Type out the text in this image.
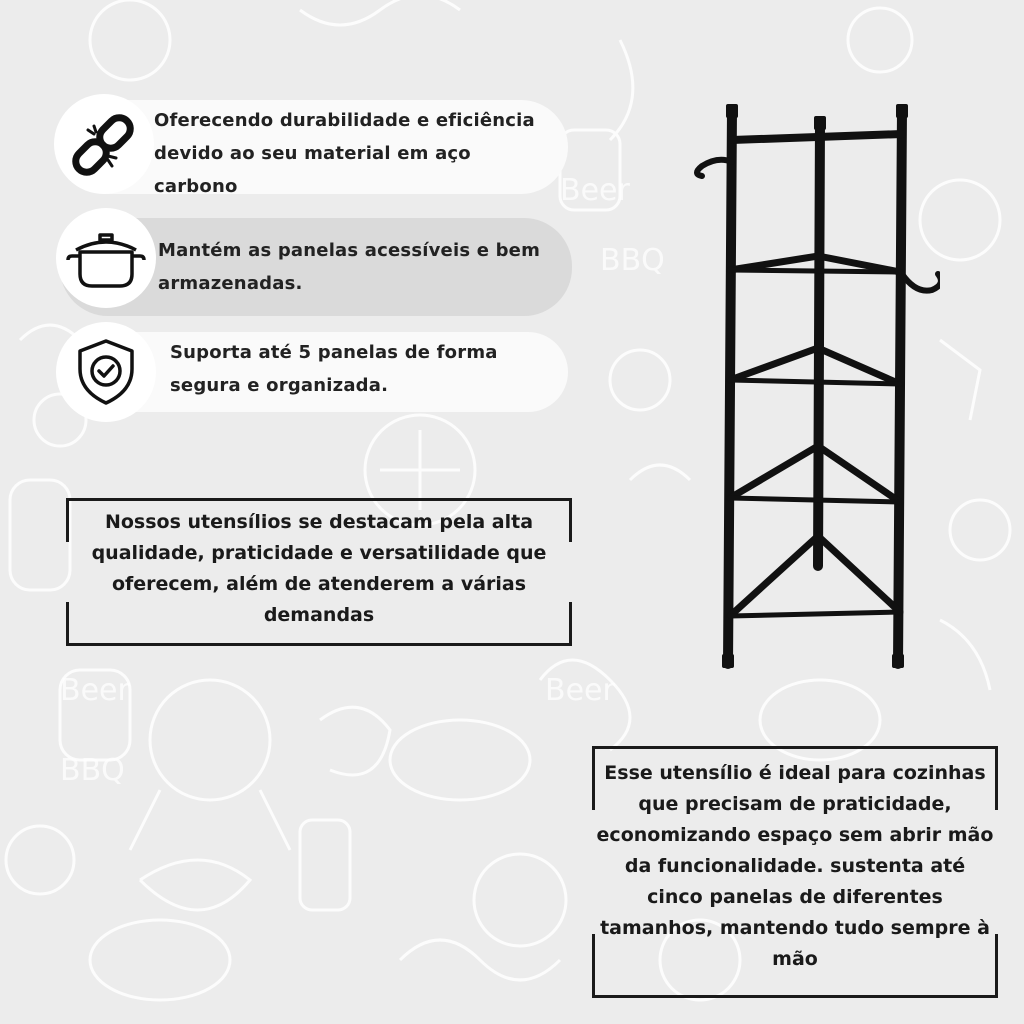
BBQ
BBQ
Beer
Beer	Beer
Oferecendo durabilidade e eficiência devido ao seu material em aço carbono
Mantém as panelas acessíveis e bem armazenadas.
Suporta até 5 panelas de forma segura e organizada.
Nossos utensílios se destacam pela alta qualidade, praticidade e versatilidade que oferecem, além de atenderem a várias demandas
Esse utensílio é ideal para cozinhas que precisam de praticidade, economizando espaço sem abrir mão da funcionalidade. sustenta até cinco panelas de diferentes tamanhos, mantendo tudo sempre à mão
